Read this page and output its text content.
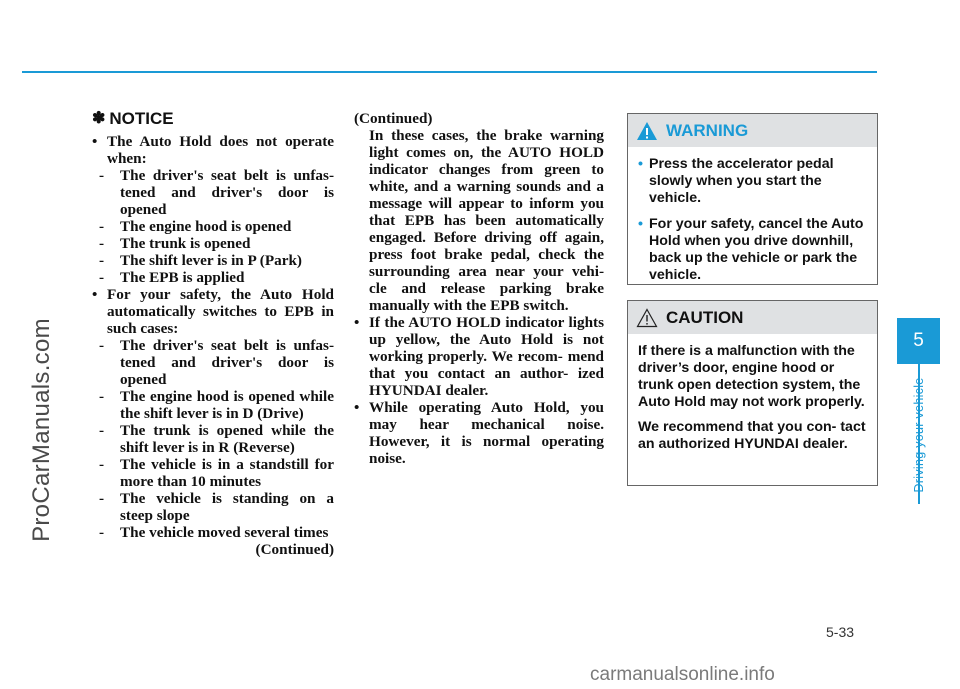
ProCarManuals.com
✽ NOTICE
• The Auto Hold does not operate when:
- The driver's seat belt is unfas- tened and driver's door is opened
- The engine hood is opened
- The trunk is opened
- The shift lever is in P (Park)
- The EPB is applied
• For your safety, the Auto Hold automatically switches to EPB in such cases:
- The driver's seat belt is unfas- tened and driver's door is opened
- The engine hood is opened while the shift lever is in D (Drive)
- The trunk is opened while the shift lever is in R (Reverse)
- The vehicle is in a standstill for more than 10 minutes
- The vehicle is standing on a steep slope
- The vehicle moved several times
(Continued)
(Continued)
In these cases, the brake warning light comes on, the AUTO HOLD indicator changes from green to white, and a warning sounds and a message will appear to inform you that EPB has been automatically engaged. Before driving off again, press foot brake pedal, check the surrounding area near your vehi- cle and release parking brake manually with the EPB switch.
• If the AUTO HOLD indicator lights up yellow, the Auto Hold is not working properly. We recom- mend that you contact an author- ized HYUNDAI dealer.
• While operating Auto Hold, you may hear mechanical noise. However, it is normal operating noise.
WARNING
• Press the accelerator pedal slowly when you start the vehicle.
• For your safety, cancel the Auto Hold when you drive downhill, back up the vehicle or park the vehicle.
CAUTION

If there is a malfunction with the driver’s door, engine hood or trunk open detection system, the Auto Hold may not work properly.

We recommend that you con- tact an authorized HYUNDAI dealer.

5
Driving your vehicle
5-33
carmanualsonline.info
